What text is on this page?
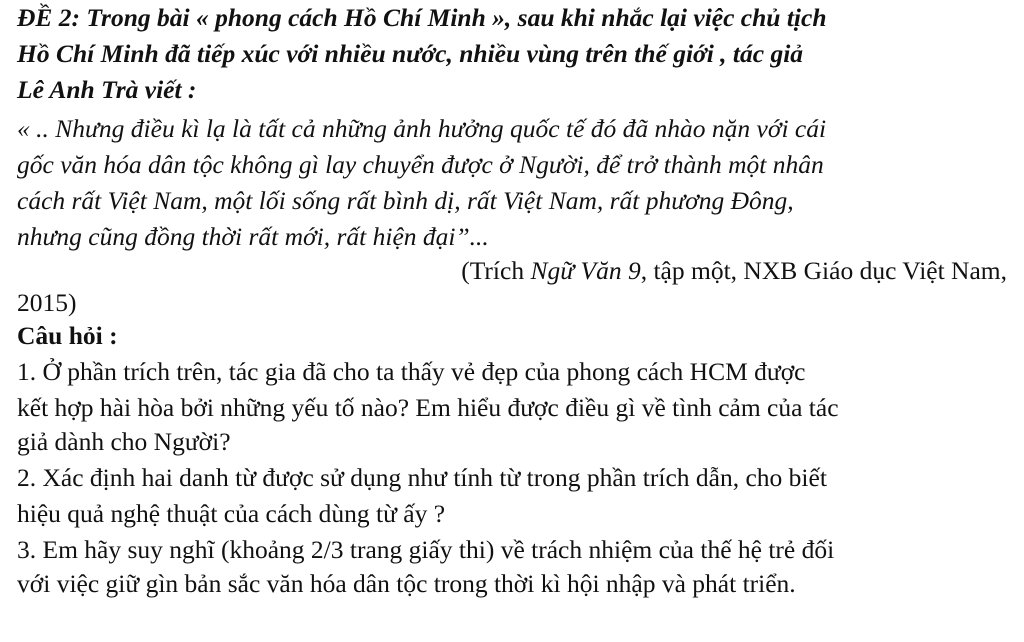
ĐỀ 2: Trong bài « phong cách Hồ Chí Minh », sau khi nhắc lại việc chủ tịch
Hồ Chí Minh đã tiếp xúc với nhiều nước, nhiều vùng trên thế giới , tác giả
Lê Anh Trà viết :
« .. Nhưng điều kì lạ là tất cả những ảnh hưởng quốc tế đó đã nhào nặn với cái
gốc văn hóa dân tộc không gì lay chuyển được ở Người, để trở thành một nhân
cách rất Việt Nam, một lối sống rất bình dị, rất Việt Nam, rất phương Đông,
nhưng cũng đồng thời rất mới, rất hiện đại”...
(Trích Ngữ Văn 9, tập một, NXB Giáo dục Việt Nam,
2015)
Câu hỏi :
1. Ở phần trích trên, tác gia đã cho ta thấy vẻ đẹp của phong cách HCM được
kết hợp hài hòa bởi những yếu tố nào? Em hiểu được điều gì về tình cảm của tác
giả dành cho Người?
2. Xác định hai danh từ được sử dụng như tính từ trong phần trích dẫn, cho biết
hiệu quả nghệ thuật của cách dùng từ ấy ?
3. Em hãy suy nghĩ (khoảng 2/3 trang giấy thi) về trách nhiệm của thế hệ trẻ đối
với việc giữ gìn bản sắc văn hóa dân tộc trong thời kì hội nhập và phát triển.
